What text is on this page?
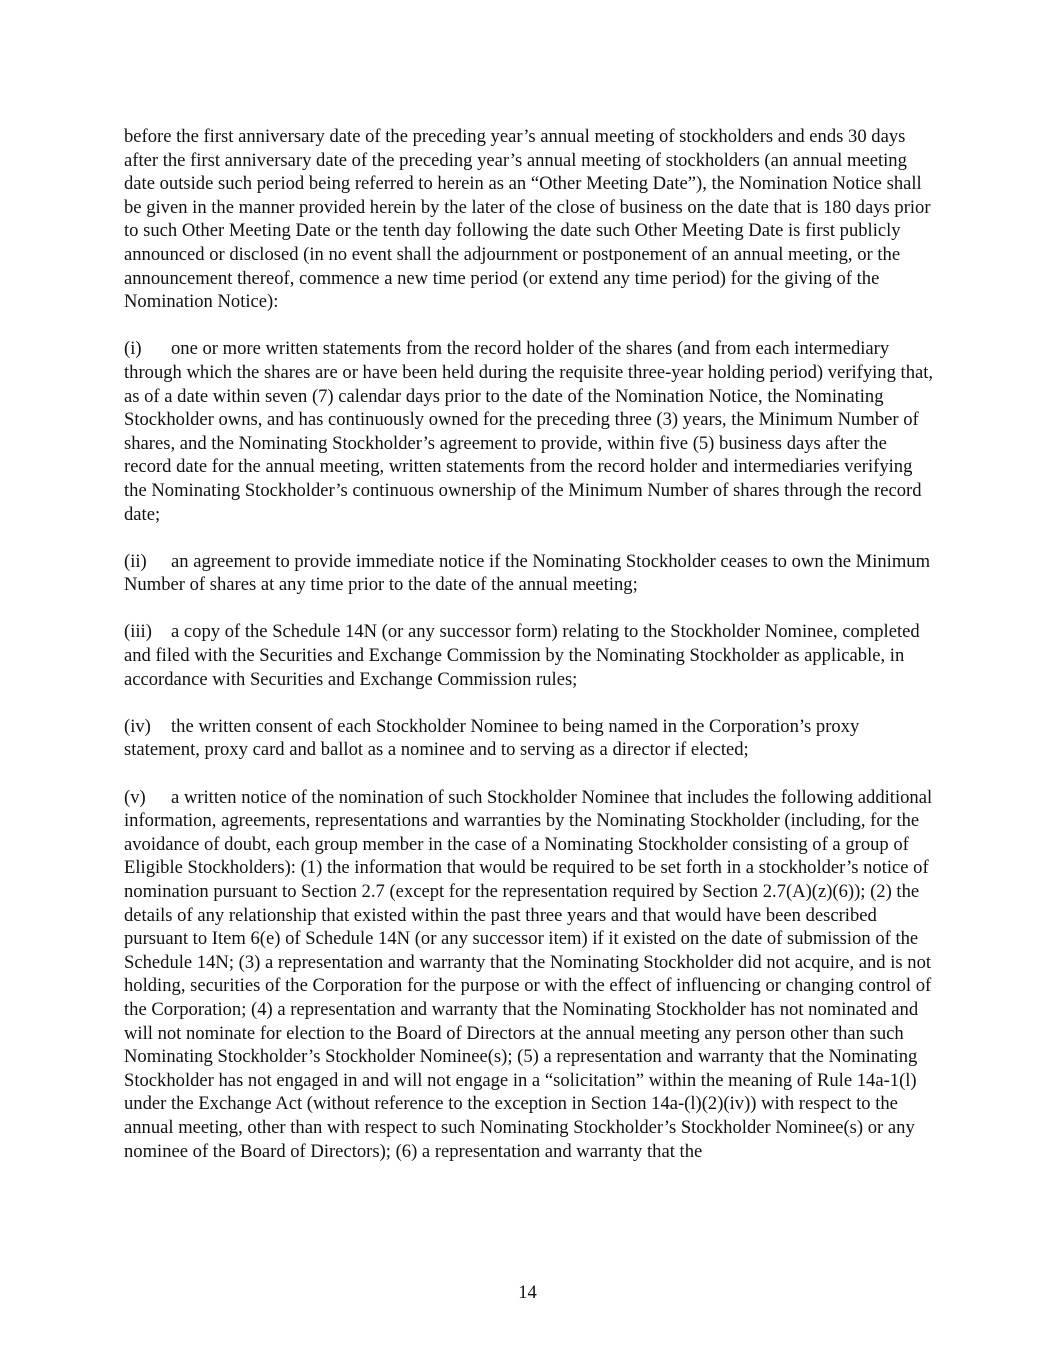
before the first anniversary date of the preceding year’s annual meeting of stockholders and ends 30 days after the first anniversary date of the preceding year’s annual meeting of stockholders (an annual meeting date outside such period being referred to herein as an “Other Meeting Date”), the Nomination Notice shall be given in the manner provided herein by the later of the close of business on the date that is 180 days prior to such Other Meeting Date or the tenth day following the date such Other Meeting Date is first publicly announced or disclosed (in no event shall the adjournment or postponement of an annual meeting, or the announcement thereof, commence a new time period (or extend any time period) for the giving of the Nomination Notice):

(i) one or more written statements from the record holder of the shares (and from each intermediary through which the shares are or have been held during the requisite three-year holding period) verifying that, as of a date within seven (7) calendar days prior to the date of the Nomination Notice, the Nominating Stockholder owns, and has continuously owned for the preceding three (3) years, the Minimum Number of shares, and the Nominating Stockholder’s agreement to provide, within five (5) business days after the record date for the annual meeting, written statements from the record holder and intermediaries verifying the Nominating Stockholder’s continuous ownership of the Minimum Number of shares through the record date;

(ii) an agreement to provide immediate notice if the Nominating Stockholder ceases to own the Minimum Number of shares at any time prior to the date of the annual meeting;

(iii) a copy of the Schedule 14N (or any successor form) relating to the Stockholder Nominee, completed and filed with the Securities and Exchange Commission by the Nominating Stockholder as applicable, in accordance with Securities and Exchange Commission rules;

(iv) the written consent of each Stockholder Nominee to being named in the Corporation’s proxy statement, proxy card and ballot as a nominee and to serving as a director if elected;

(v) a written notice of the nomination of such Stockholder Nominee that includes the following additional information, agreements, representations and warranties by the Nominating Stockholder (including, for the avoidance of doubt, each group member in the case of a Nominating Stockholder consisting of a group of Eligible Stockholders): (1) the information that would be required to be set forth in a stockholder’s notice of nomination pursuant to Section 2.7 (except for the representation required by Section 2.7(A)(z)(6)); (2) the details of any relationship that existed within the past three years and that would have been described pursuant to Item 6(e) of Schedule 14N (or any successor item) if it existed on the date of submission of the Schedule 14N; (3) a representation and warranty that the Nominating Stockholder did not acquire, and is not holding, securities of the Corporation for the purpose or with the effect of influencing or changing control of the Corporation; (4) a representation and warranty that the Nominating Stockholder has not nominated and will not nominate for election to the Board of Directors at the annual meeting any person other than such Nominating Stockholder’s Stockholder Nominee(s); (5) a representation and warranty that the Nominating Stockholder has not engaged in and will not engage in a “solicitation” within the meaning of Rule 14a-1(l) under the Exchange Act (without reference to the exception in Section 14a-(l)(2)(iv)) with respect to the annual meeting, other than with respect to such Nominating Stockholder’s Stockholder Nominee(s) or any nominee of the Board of Directors); (6) a representation and warranty that the

14
